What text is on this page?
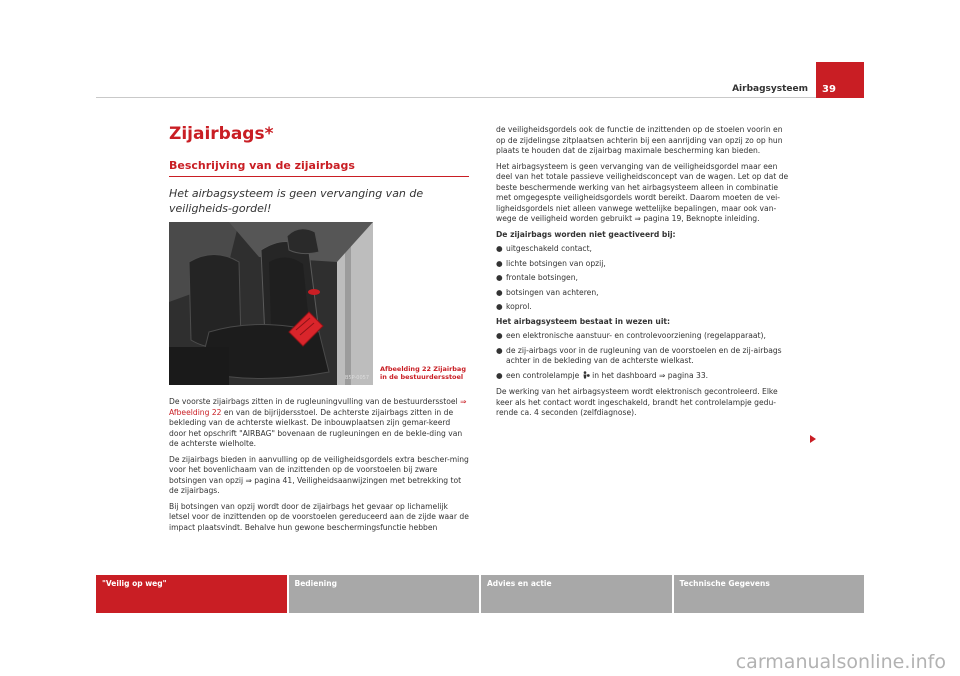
Airbagsysteem	39
Zijairbags*
Beschrijving van de zijairbags
Het airbagsysteem is geen vervanging van de veiligheids-gordel!
B5P-0057
Afbeelding 22 Zijairbag in de bestuurdersstoel

De voorste zijairbags zitten in de rugleuningvulling van de bestuurdersstoel ⇒ Afbeelding 22 en van de bijrijdersstoel. De achterste zijairbags zitten in de bekleding van de achterste wielkast. De inbouwplaatsen zijn gemar-keerd door het opschrift "AIRBAG" bovenaan de rugleuningen en de bekle-ding van de achterste wielholte.

De zijairbags bieden in aanvulling op de veiligheidsgordels extra bescher-ming voor het bovenlichaam van de inzittenden op de voorstoelen bij zware botsingen van opzij ⇒ pagina 41, Veiligheidsaanwijzingen met betrekking tot de zijairbags.

Bij botsingen van opzij wordt door de zijairbags het gevaar op lichamelijk letsel voor de inzittenden op de voorstoelen gereduceerd aan de zijde waar de impact plaatsvindt. Behalve hun gewone beschermingsfunctie hebben

de veiligheidsgordels ook de functie de inzittenden op de stoelen voorin en op de zijdelingse zitplaatsen achterin bij een aanrijding van opzij zo op hun plaats te houden dat de zijairbag maximale bescherming kan bieden.

Het airbagsysteem is geen vervanging van de veiligheidsgordel maar een deel van het totale passieve veiligheidsconcept van de wagen. Let op dat de beste beschermende werking van het airbagsysteem alleen in combinatie met omgegespte veiligheidsgordels wordt bereikt. Daarom moeten de vei-ligheidsgordels niet alleen vanwege wettelijke bepalingen, maar ook van-wege de veiligheid worden gebruikt ⇒ pagina 19, Beknopte inleiding.

De zijairbags worden niet geactiveerd bij:
● uitgeschakeld contact,
● lichte botsingen van opzij,
● frontale botsingen,
● botsingen van achteren,
● koprol.
Het airbagsysteem bestaat in wezen uit:
● een elektronische aanstuur- en controlevoorziening (regelapparaat),
● de zij-airbags voor in de rugleuning van de voorstoelen en de zij-airbags achter in de bekleding van de achterste wielkast.
● een controlelampje  in het dashboard ⇒ pagina 33.

De werking van het airbagsysteem wordt elektronisch gecontroleerd. Elke keer als het contact wordt ingeschakeld, brandt het controlelampje gedu-rende ca. 4 seconden (zelfdiagnose).

"Veilig op weg"	Bediening	Advies en actie	Technische Gegevens
carmanualsonline.info
